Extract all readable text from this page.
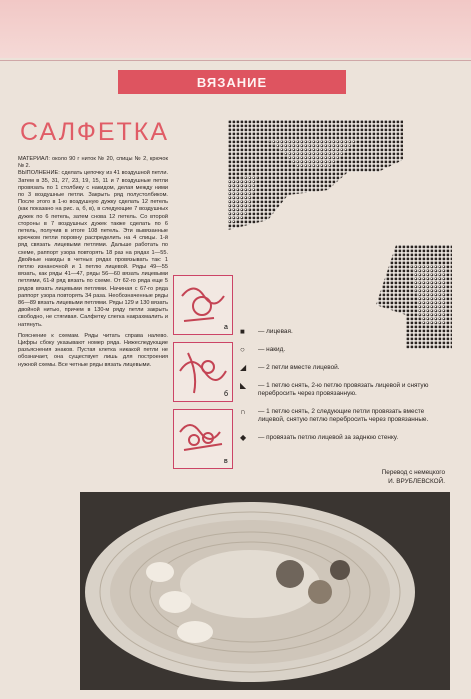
ВЯЗАНИЕ
САЛФЕТКА

МАТЕРИАЛ: около 90 г ниток № 20, спицы № 2, крючок № 2.

ВЫПОЛНЕНИЕ: сделать цепочку из 41 воздушной петли. Затем в 35, 31, 27, 23, 19, 15, 11 и 7 воздушные петли провязать по 1 столбику с накидом, делая между ними по 3 воздушные петли. Закрыть ряд полустолбиком. После этого в 1-ю воздушную дужку сделать 12 петель (как показано на рис. а, б, в), в следующие 7 воздушных дужек по 6 петель, затем снова 12 петель. Со второй стороны в 7 воздушных дужек также сделать по 6 петель, получив в итоге 108 петель. Эти вывязанные крючком петли поровну распределить на 4 спицы. 1-й ряд связать лицевыми петлями. Дальше работать по схеме, раппорт узора повторять 18 раз на рядах 1—55. Двойные накиды в четных рядах провязывать так: 1 петлю изнаночной и 1 петлю лицевой. Ряды 49—55 вязать, как ряды 41—47, ряды 56—60 вязать лицевыми петлями, 61-й ряд вязать по схеме. От 62-го ряда еще 5 рядов вязать лицевыми петлями. Начиная с 67-го ряда раппорт узора повторять 34 раза. Необозначенные ряды 86—89 вязать лицевыми петлями. Ряды 129 и 130 вязать двойной нитью, причем в 130-м ряду петли закрыть свободно, не стягивая. Салфетку слегка накрахмалить и натянуть.

Пояснение к схемам. Ряды читать справа налево. Цифры сбоку указывают номер ряда. Нижеследующие разъяснения знаков. Пустая клетка никакой петли не обозначает, она существует лишь для построения нужной схемы. Все четные ряды вязать лицевыми.

а

б

в
■	— лицевая.
○	— накид.
◢	— 2 петли вместе лицевой.
◣	— 1 петлю снять, 2-ю петлю провязать лицевой и снятую перебросить через провязанную.
∩	— 1 петлю снять, 2 следующие петли провязать вместе лицевой, снятую петлю перебросить через провязанные.
◆	— провязать петлю лицевой за заднюю стенку.
Перевод с немецкого
И. ВРУБЛЕВСКОЙ.
